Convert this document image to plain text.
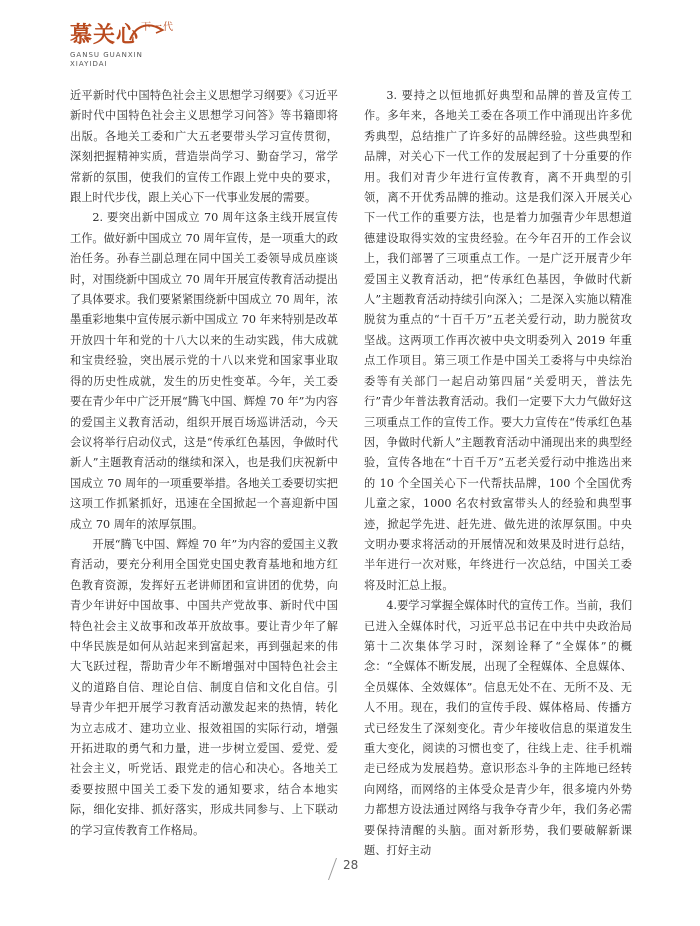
慕关心 $^{下一代}$
GANSU GUANXIN
XIAYIDAI

近平新时代中国特色社会主义思想学习纲要》《习近平新时代中国特色社会主义思想学习问答》等书籍即将出版。各地关工委和广大五老要带头学习宣传贯彻，深刻把握精神实质，营造崇尚学习、勤奋学习，常学常新的氛围，使我们的宣传工作跟上党中央的要求，跟上时代步伐，跟上关心下一代事业发展的需要。

2. 要突出新中国成立 70 周年这条主线开展宣传工作。做好新中国成立 70 周年宣传，是一项重大的政治任务。孙春兰副总理在同中国关工委领导成员座谈时，对围绕新中国成立 70 周年开展宣传教育活动提出了具体要求。我们要紧紧围绕新中国成立 70 周年，浓墨重彩地集中宣传展示新中国成立 70 年来特别是改革开放四十年和党的十八大以来的生动实践，伟大成就和宝贵经验，突出展示党的十八以来党和国家事业取得的历史性成就，发生的历史性变革。今年，关工委要在青少年中广泛开展“腾飞中国、辉煌 70 年”为内容的爱国主义教育活动，组织开展百场巡讲活动，今天会议将举行启动仪式，这是“传承红色基因，争做时代新人”主题教育活动的继续和深入，也是我们庆祝新中国成立 70 周年的一项重要举措。各地关工委要切实把这项工作抓紧抓好，迅速在全国掀起一个喜迎新中国成立 70 周年的浓厚氛围。

开展“腾飞中国、辉煌 70 年”为内容的爱国主义教育活动，要充分利用全国党史国史教育基地和地方红色教育资源，发挥好五老讲师团和宣讲团的优势，向青少年讲好中国故事、中国共产党故事、新时代中国特色社会主义故事和改革开放故事。要让青少年了解中华民族是如何从站起来到富起来，再到强起来的伟大飞跃过程，帮助青少年不断增强对中国特色社会主义的道路自信、理论自信、制度自信和文化自信。引导青少年把开展学习教育活动激发起来的热情，转化为立志成才、建功立业、报效祖国的实际行动，增强开拓进取的勇气和力量，进一步树立爱国、爱党、爱社会主义，听党话、跟党走的信心和决心。各地关工委要按照中国关工委下发的通知要求，结合本地实际，细化安排、抓好落实，形成共同参与、上下联动的学习宣传教育工作格局。

3. 要持之以恒地抓好典型和品牌的普及宣传工作。多年来，各地关工委在各项工作中涌现出许多优秀典型，总结推广了许多好的品牌经验。这些典型和品牌，对关心下一代工作的发展起到了十分重要的作用。我们对青少年进行宣传教育，离不开典型的引领，离不开优秀品牌的推动。这是我们深入开展关心下一代工作的重要方法，也是着力加强青少年思想道德建设取得实效的宝贵经验。在今年召开的工作会议上，我们部署了三项重点工作。一是广泛开展青少年爱国主义教育活动，把“传承红色基因，争做时代新人”主题教育活动持续引向深入；二是深入实施以精准脱贫为重点的“十百千万”五老关爱行动，助力脱贫攻坚战。这两项工作再次被中央文明委列入 2019 年重点工作项目。第三项工作是中国关工委将与中央综治委等有关部门一起启动第四届“关爱明天，普法先行”青少年普法教育活动。我们一定要下大力气做好这三项重点工作的宣传工作。要大力宣传在“传承红色基因，争做时代新人”主题教育活动中涌现出来的典型经验，宣传各地在“十百千万”五老关爱行动中推选出来的 10 个全国关心下一代帮扶品牌，100 个全国优秀儿童之家，1000 名农村致富带头人的经验和典型事迹，掀起学先进、赶先进、做先进的浓厚氛围。中央文明办要求将活动的开展情况和效果及时进行总结，半年进行一次对账，年终进行一次总结，中国关工委将及时汇总上报。

4.要学习掌握全媒体时代的宣传工作。当前，我们已进入全媒体时代，习近平总书记在中共中央政治局第十二次集体学习时，深刻诠释了“全媒体”的概念：“全媒体不断发展，出现了全程媒体、全息媒体、全员媒体、全效媒体”。信息无处不在、无所不及、无人不用。现在，我们的宣传手段、媒体格局、传播方式已经发生了深刻变化。青少年接收信息的渠道发生重大变化，阅读的习惯也变了，往线上走、往手机端走已经成为发展趋势。意识形态斗争的主阵地已经转向网络，而网络的主体受众是青少年，很多境内外势力都想方设法通过网络与我争夺青少年，我们务必需要保持清醒的头脑。面对新形势，我们要破解新课题、打好主动

28
